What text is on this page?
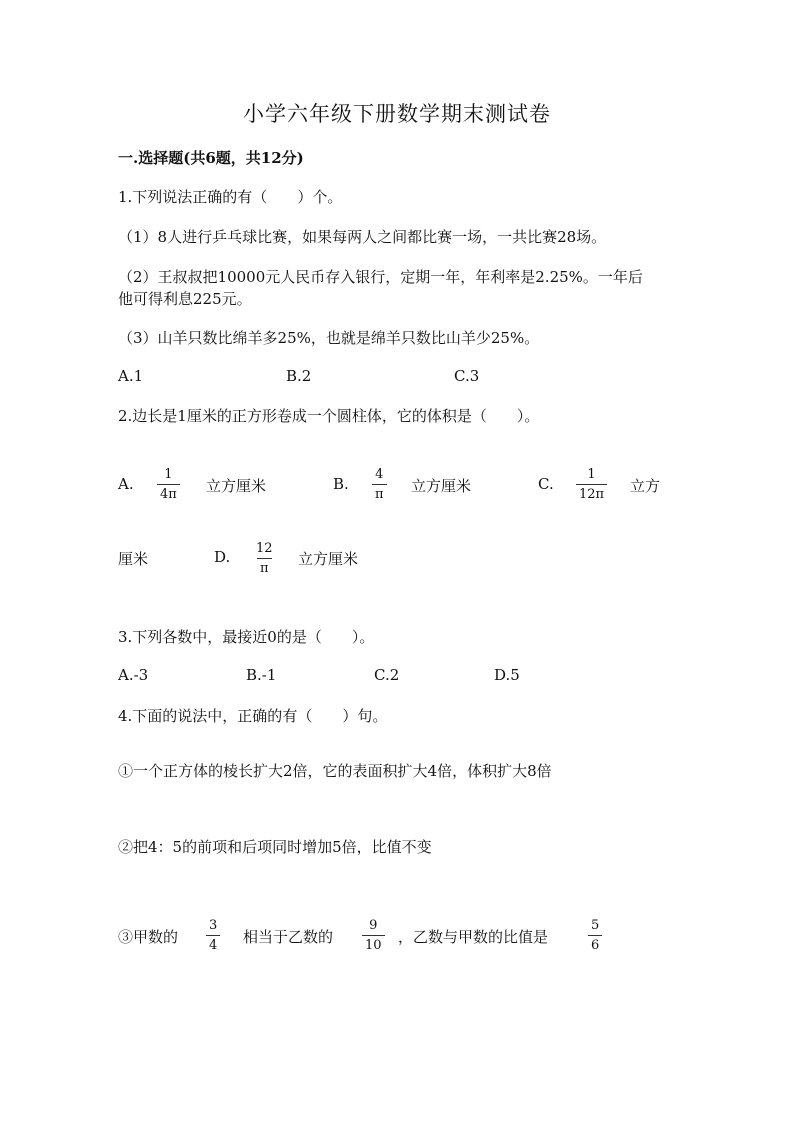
小学六年级下册数学期末测试卷
一.选择题(共6题，共12分)
1.下列说法正确的有（　　）个。
（1）8人进行乒乓球比赛，如果每两人之间都比赛一场，一共比赛28场。
（2）王叔叔把10000元人民币存入银行，定期一年，年利率是2.25%。一年后
他可得利息225元。
（3）山羊只数比绵羊多25%，也就是绵羊只数比山羊少25%。
A.1	B.2	C.3
2.边长是1厘米的正方形卷成一个圆柱体，它的体积是（　　）。
A. $\frac{1}{4\pi}$ 立方厘米	B. $\frac{4}{\pi}$ 立方厘米	C. $\frac{1}{12\pi}$ 立方
厘米	D. $\frac{12}{\pi}$ 立方厘米
3.下列各数中，最接近0的是（　　）。
A.-3	B.-1	C.2	D.5
4.下面的说法中，正确的有（　　）句。
①一个正方体的棱长扩大2倍，它的表面积扩大4倍，体积扩大8倍
②把4：5的前项和后项同时增加5倍，比值不变
③甲数的 $\frac{3}{4}$ 相当于乙数的 $\frac{9}{10}$ ，乙数与甲数的比值是	$\frac{5}{6}$
